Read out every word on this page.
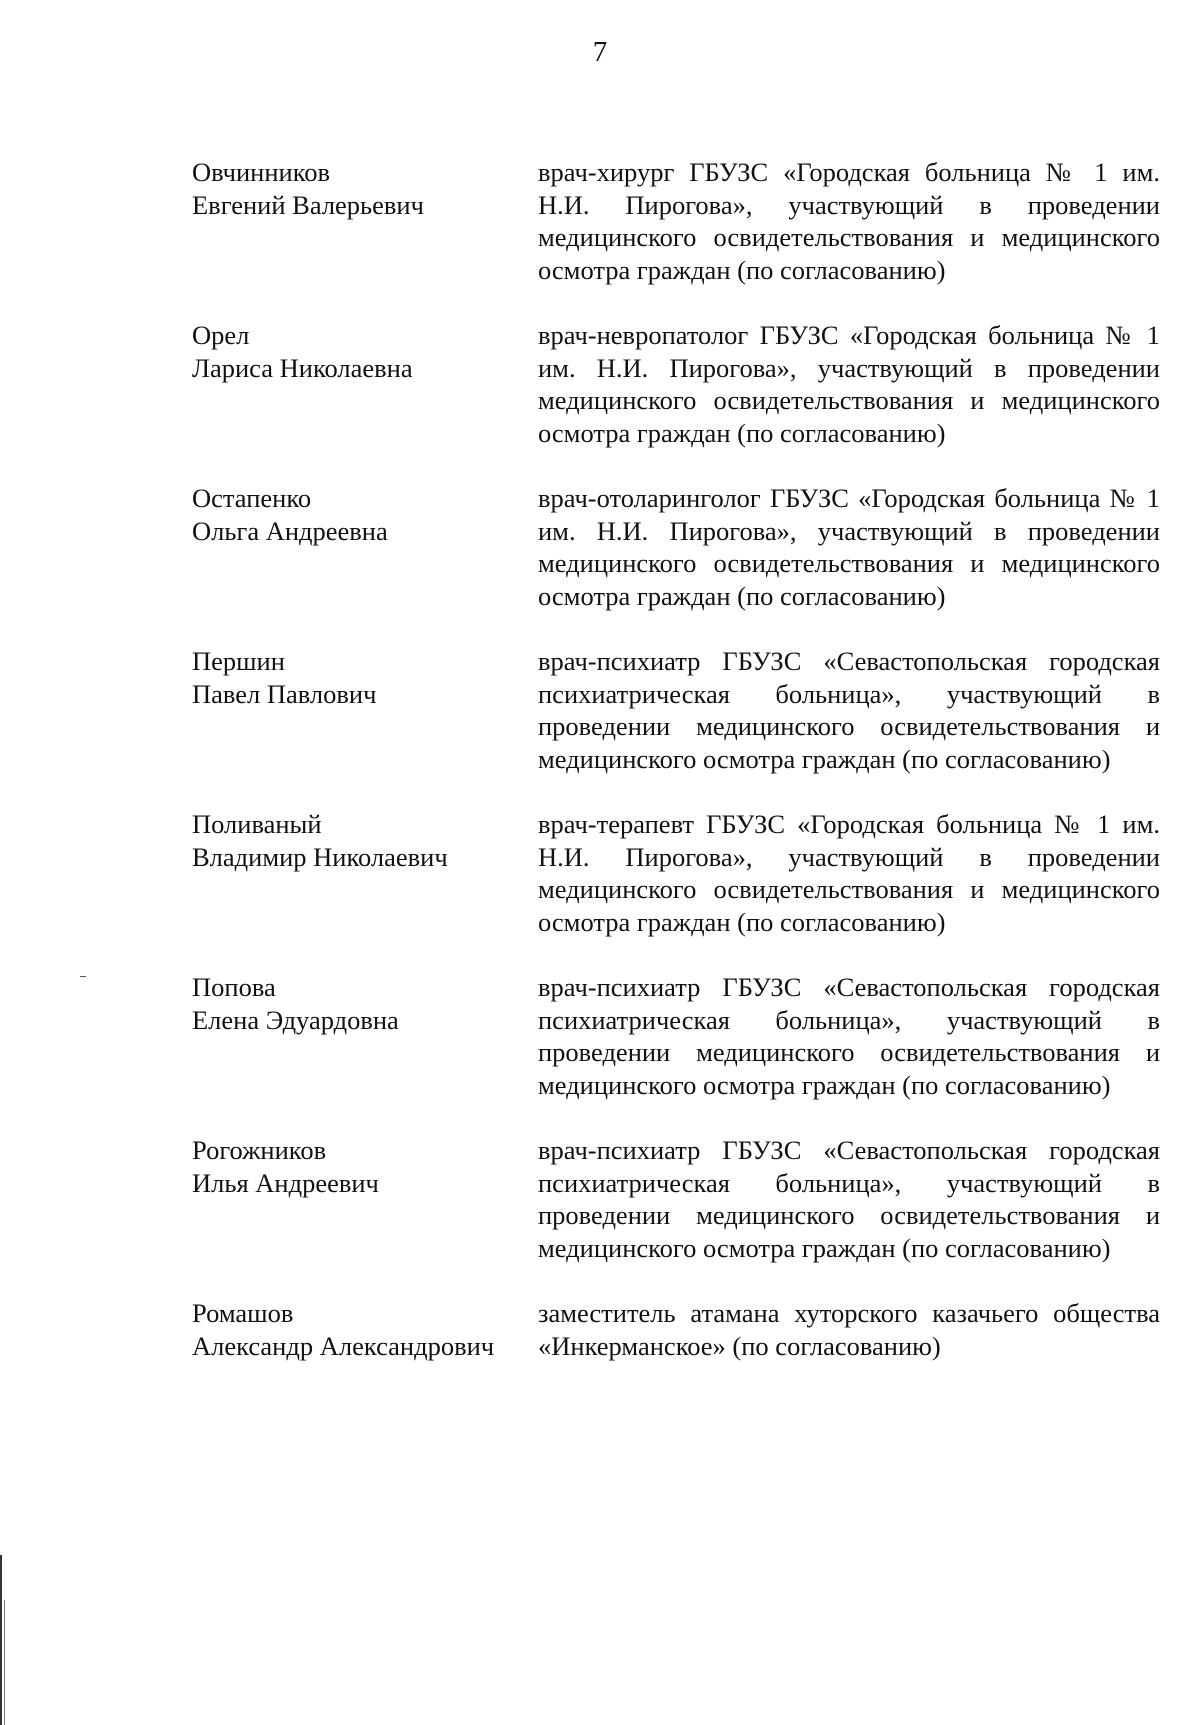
7
Овчинников
Евгений Валерьевич

врач-хирург ГБУЗС «Городская больница № 1 им. Н.И. Пирогова», участвующий в проведении медицинского освидетельствования и медицинского осмотра граждан (по согласованию)

Орел
Лариса Николаевна

врач-невропатолог ГБУЗС «Городская больница № 1 им. Н.И. Пирогова», участвующий в проведении медицинского освидетельствования и медицинского осмотра граждан (по согласованию)

Остапенко
Ольга Андреевна

врач-отоларинголог ГБУЗС «Городская больница № 1 им. Н.И. Пирогова», участвующий в проведении медицинского освидетельствования и медицинского осмотра граждан (по согласованию)

Першин
Павел Павлович

врач-психиатр ГБУЗС «Севастопольская городская психиатрическая больница», участвующий в проведении медицинского освидетельствования и медицинского осмотра граждан (по согласованию)

Поливаный
Владимир Николаевич

врач-терапевт ГБУЗС «Городская больница № 1 им. Н.И. Пирогова», участвующий в проведении медицинского освидетельствования и медицинского осмотра граждан (по согласованию)

Попова
Елена Эдуардовна

врач-психиатр ГБУЗС «Севастопольская городская психиатрическая больница», участвующий в проведении медицинского освидетельствования и медицинского осмотра граждан (по согласованию)

Рогожников
Илья Андреевич

врач-психиатр ГБУЗС «Севастопольская городская психиатрическая больница», участвующий в проведении медицинского освидетельствования и медицинского осмотра граждан (по согласованию)

Ромашов
Александр Александрович

заместитель атамана хуторского казачьего общества «Инкерманское» (по согласованию)
